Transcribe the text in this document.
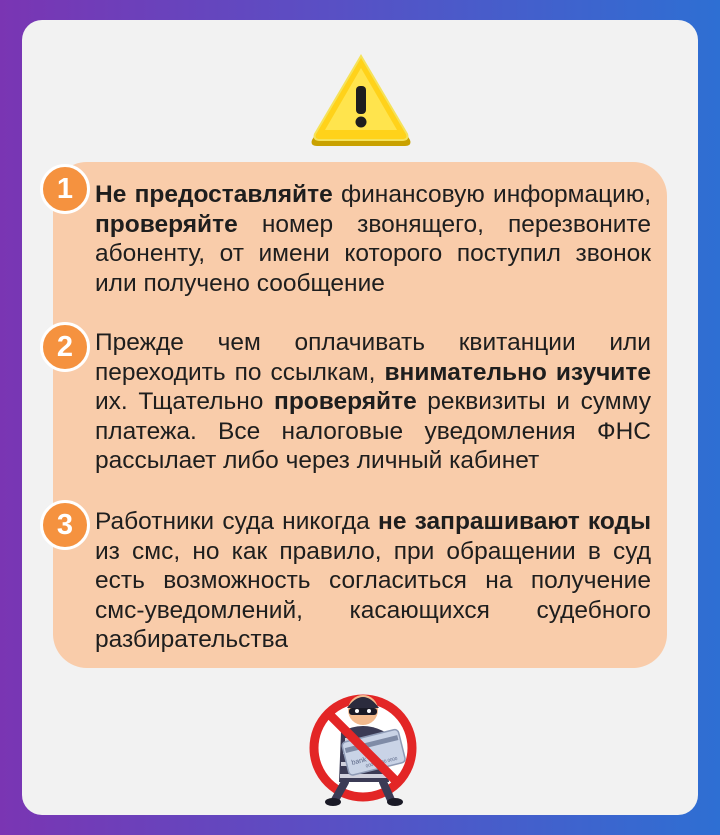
1 Не предоставляйте финансовую информацию, проверяйте номер звонящего, перезвоните абоненту, от имени которого поступил звонок или получено сообщение
2 Прежде чем оплачивать квитанции или переходить по ссылкам, внимательно изучите их. Тщательно проверяйте реквизиты и сумму платежа. Все налоговые уведомления ФНС рассылает либо через личный кабинет
3 Работники суда никогда не запрашивают коды из смс, но как правило, при обращении в суд есть возможность согласиться на получение смс-уведомлений, касающихся судебного разбирательства
bank
